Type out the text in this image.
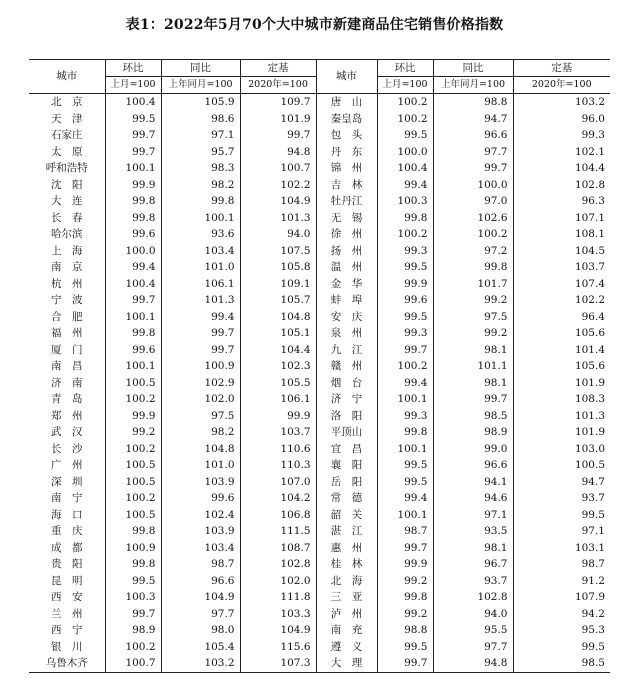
表1：2022年5月70个大中城市新建商品住宅销售价格指数
城市	环比	同比	定基	城市	环比	同比	定基
	上月=100	上年同月=100	2020年=100		上月=100	上年同月=100	2020年=100
北　京	100.4	105.9	109.7	唐　山	100.2	98.8	103.2
天　津	99.5	98.6	101.9	秦皇岛	100.2	94.7	96.0
石家庄	99.7	97.1	99.7	包　头	99.5	96.6	99.3
太　原	99.7	95.7	94.8	丹　东	100.0	97.7	102.1
呼和浩特	100.1	98.3	100.7	锦　州	100.4	99.7	104.4
沈　阳	99.9	98.2	102.2	吉　林	99.4	100.0	102.8
大　连	99.8	99.8	104.9	牡丹江	100.3	97.0	96.3
长　春	99.8	100.1	101.3	无　锡	99.8	102.6	107.1
哈尔滨	99.6	93.6	94.0	徐　州	100.2	100.2	108.1
上　海	100.0	103.4	107.5	扬　州	99.3	97.2	104.5
南　京	99.4	101.0	105.8	温　州	99.5	99.8	103.7
杭　州	100.4	106.1	109.1	金　华	99.9	101.7	107.4
宁　波	99.7	101.3	105.7	蚌　埠	99.6	99.2	102.2
合　肥	100.1	99.4	104.8	安　庆	99.5	97.5	96.4
福　州	99.8	99.7	105.1	泉　州	99.3	99.2	105.6
厦　门	99.6	99.7	104.4	九　江	99.7	98.1	101.4
南　昌	100.1	100.9	102.3	赣　州	100.2	101.1	105.6
济　南	100.5	102.9	105.5	烟　台	99.4	98.1	101.9
青　岛	100.2	102.0	106.1	济　宁	100.1	99.7	108.3
郑　州	99.9	97.5	99.9	洛　阳	99.3	98.5	101.3
武　汉	99.2	98.2	103.7	平顶山	99.8	98.9	101.9
长　沙	100.2	104.8	110.6	宜　昌	100.1	99.0	103.0
广　州	100.5	101.0	110.3	襄　阳	99.5	96.6	100.5
深　圳	100.5	103.9	107.0	岳　阳	99.5	94.1	94.7
南　宁	100.2	99.6	104.2	常　德	99.4	94.6	93.7
海　口	100.5	102.4	106.8	韶　关	100.1	97.1	99.5
重　庆	99.8	103.9	111.5	湛　江	98.7	93.5	97.1
成　都	100.9	103.4	108.7	惠　州	99.7	98.1	103.1
贵　阳	99.8	98.7	102.8	桂　林	99.9	96.7	98.7
昆　明	99.5	96.6	102.0	北　海	99.2	93.7	91.2
西　安	100.3	104.9	111.8	三　亚	99.8	102.8	107.9
兰　州	99.7	97.7	103.3	泸　州	99.2	94.0	94.2
西　宁	98.9	98.0	104.9	南　充	98.8	95.5	95.3
银　川	100.2	105.4	115.6	遵　义	99.5	97.7	99.5
乌鲁木齐	100.7	103.2	107.3	大　理	99.7	94.8	98.5
